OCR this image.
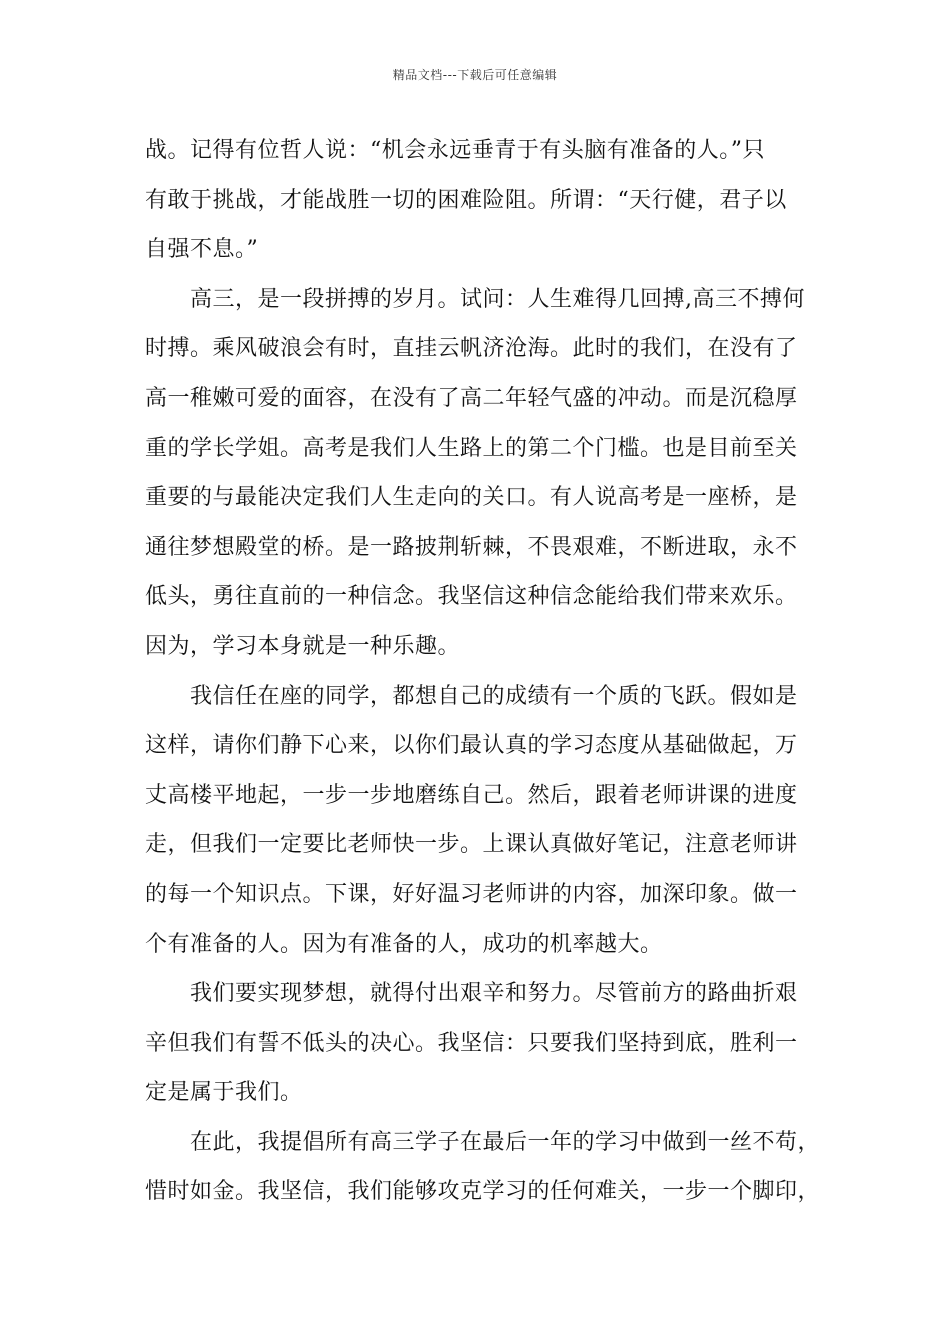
精品文档---下载后可任意编辑

战。记得有位哲人说：“机会永远垂青于有头脑有准备的人。”只
有敢于挑战，才能战胜一切的困难险阻。所谓：“天行健，君子以
自强不息。”

高三，是一段拼搏的岁月。试问：人生难得几回搏,高三不搏何
时搏。乘风破浪会有时，直挂云帆济沧海。此时的我们，在没有了
高一稚嫩可爱的面容，在没有了高二年轻气盛的冲动。而是沉稳厚
重的学长学姐。高考是我们人生路上的第二个门槛。也是目前至关
重要的与最能决定我们人生走向的关口。有人说高考是一座桥，是
通往梦想殿堂的桥。是一路披荆斩棘，不畏艰难，不断进取，永不
低头，勇往直前的一种信念。我坚信这种信念能给我们带来欢乐。
因为，学习本身就是一种乐趣。

我信任在座的同学，都想自己的成绩有一个质的飞跃。假如是
这样，请你们静下心来，以你们最认真的学习态度从基础做起，万
丈高楼平地起，一步一步地磨练自己。然后，跟着老师讲课的进度
走，但我们一定要比老师快一步。上课认真做好笔记，注意老师讲
的每一个知识点。下课，好好温习老师讲的内容，加深印象。做一
个有准备的人。因为有准备的人，成功的机率越大。

我们要实现梦想，就得付出艰辛和努力。尽管前方的路曲折艰
辛但我们有誓不低头的决心。我坚信：只要我们坚持到底，胜利一
定是属于我们。

在此，我提倡所有高三学子在最后一年的学习中做到一丝不苟，
惜时如金。我坚信，我们能够攻克学习的任何难关，一步一个脚印，
